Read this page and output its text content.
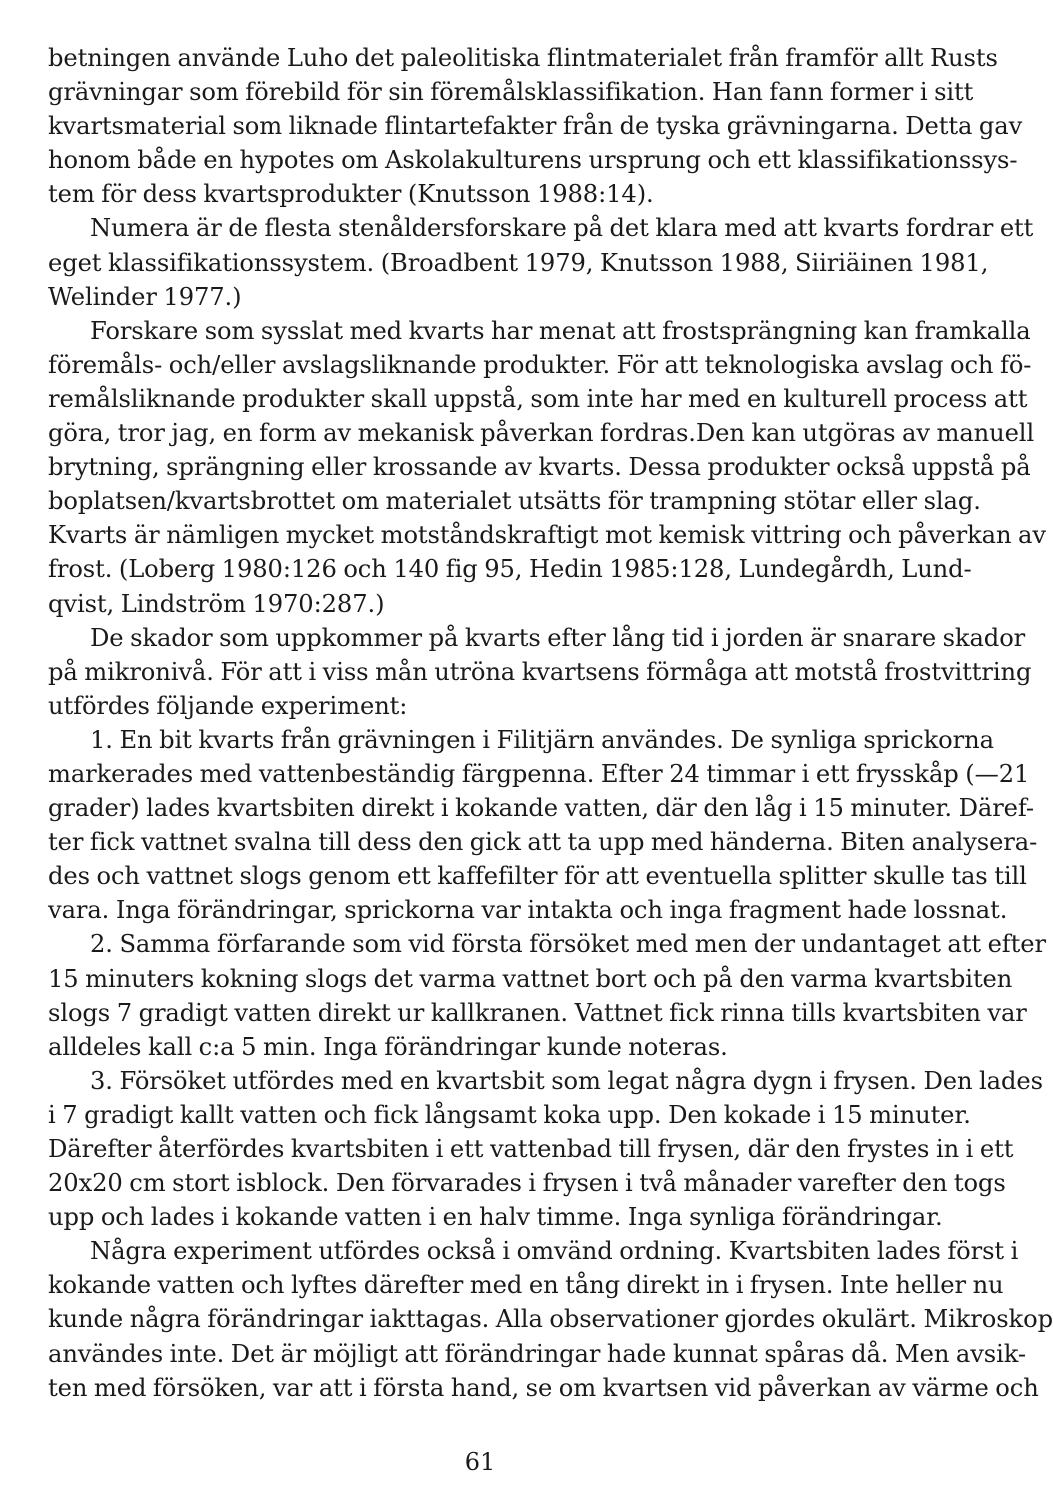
betningen använde Luho det paleolitiska flintmaterialet från framför allt Rusts
grävningar som förebild för sin föremålsklassifikation. Han fann former i sitt
kvartsmaterial som liknade flintartefakter från de tyska grävningarna. Detta gav
honom både en hypotes om Askolakulturens ursprung och ett klassifikationssys-
tem för dess kvartsprodukter (Knutsson 1988:14).
Numera är de flesta stenåldersforskare på det klara med att kvarts fordrar ett
eget klassifikationssystem. (Broadbent 1979, Knutsson 1988, Siiriäinen 1981,
Welinder 1977.)
Forskare som sysslat med kvarts har menat att frostsprängning kan framkalla
föremåls- och/eller avslagsliknande produkter. För att teknologiska avslag och fö-
remålsliknande produkter skall uppstå, som inte har med en kulturell process att
göra, tror jag, en form av mekanisk påverkan fordras.Den kan utgöras av manuell
brytning, sprängning eller krossande av kvarts. Dessa produkter också uppstå på
boplatsen/kvartsbrottet om materialet utsätts för trampning stötar eller slag.
Kvarts är nämligen mycket motståndskraftigt mot kemisk vittring och påverkan av
frost. (Loberg 1980:126 och 140 fig 95, Hedin 1985:128, Lundegårdh, Lund-
qvist, Lindström 1970:287.)
De skador som uppkommer på kvarts efter lång tid i jorden är snarare skador
på mikronivå. För att i viss mån utröna kvartsens förmåga att motstå frostvittring
utfördes följande experiment:
1. En bit kvarts från grävningen i Filitjärn användes. De synliga sprickorna
markerades med vattenbeständig färgpenna. Efter 24 timmar i ett frysskåp (—21
grader) lades kvartsbiten direkt i kokande vatten, där den låg i 15 minuter. Däref-
ter fick vattnet svalna till dess den gick att ta upp med händerna. Biten analysera-
des och vattnet slogs genom ett kaffefilter för att eventuella splitter skulle tas till
vara. Inga förändringar, sprickorna var intakta och inga fragment hade lossnat.
2. Samma förfarande som vid första försöket med men der undantaget att efter
15 minuters kokning slogs det varma vattnet bort och på den varma kvartsbiten
slogs 7 gradigt vatten direkt ur kallkranen. Vattnet fick rinna tills kvartsbiten var
alldeles kall c:a 5 min. Inga förändringar kunde noteras.
3. Försöket utfördes med en kvartsbit som legat några dygn i frysen. Den lades
i 7 gradigt kallt vatten och fick långsamt koka upp. Den kokade i 15 minuter.
Därefter återfördes kvartsbiten i ett vattenbad till frysen, där den frystes in i ett
20x20 cm stort isblock. Den förvarades i frysen i två månader varefter den togs
upp och lades i kokande vatten i en halv timme. Inga synliga förändringar.
Några experiment utfördes också i omvänd ordning. Kvartsbiten lades först i
kokande vatten och lyftes därefter med en tång direkt in i frysen. Inte heller nu
kunde några förändringar iakttagas. Alla observationer gjordes okulärt. Mikroskop
användes inte. Det är möjligt att förändringar hade kunnat spåras då. Men avsik-
ten med försöken, var att i första hand, se om kvartsen vid påverkan av värme och
61
